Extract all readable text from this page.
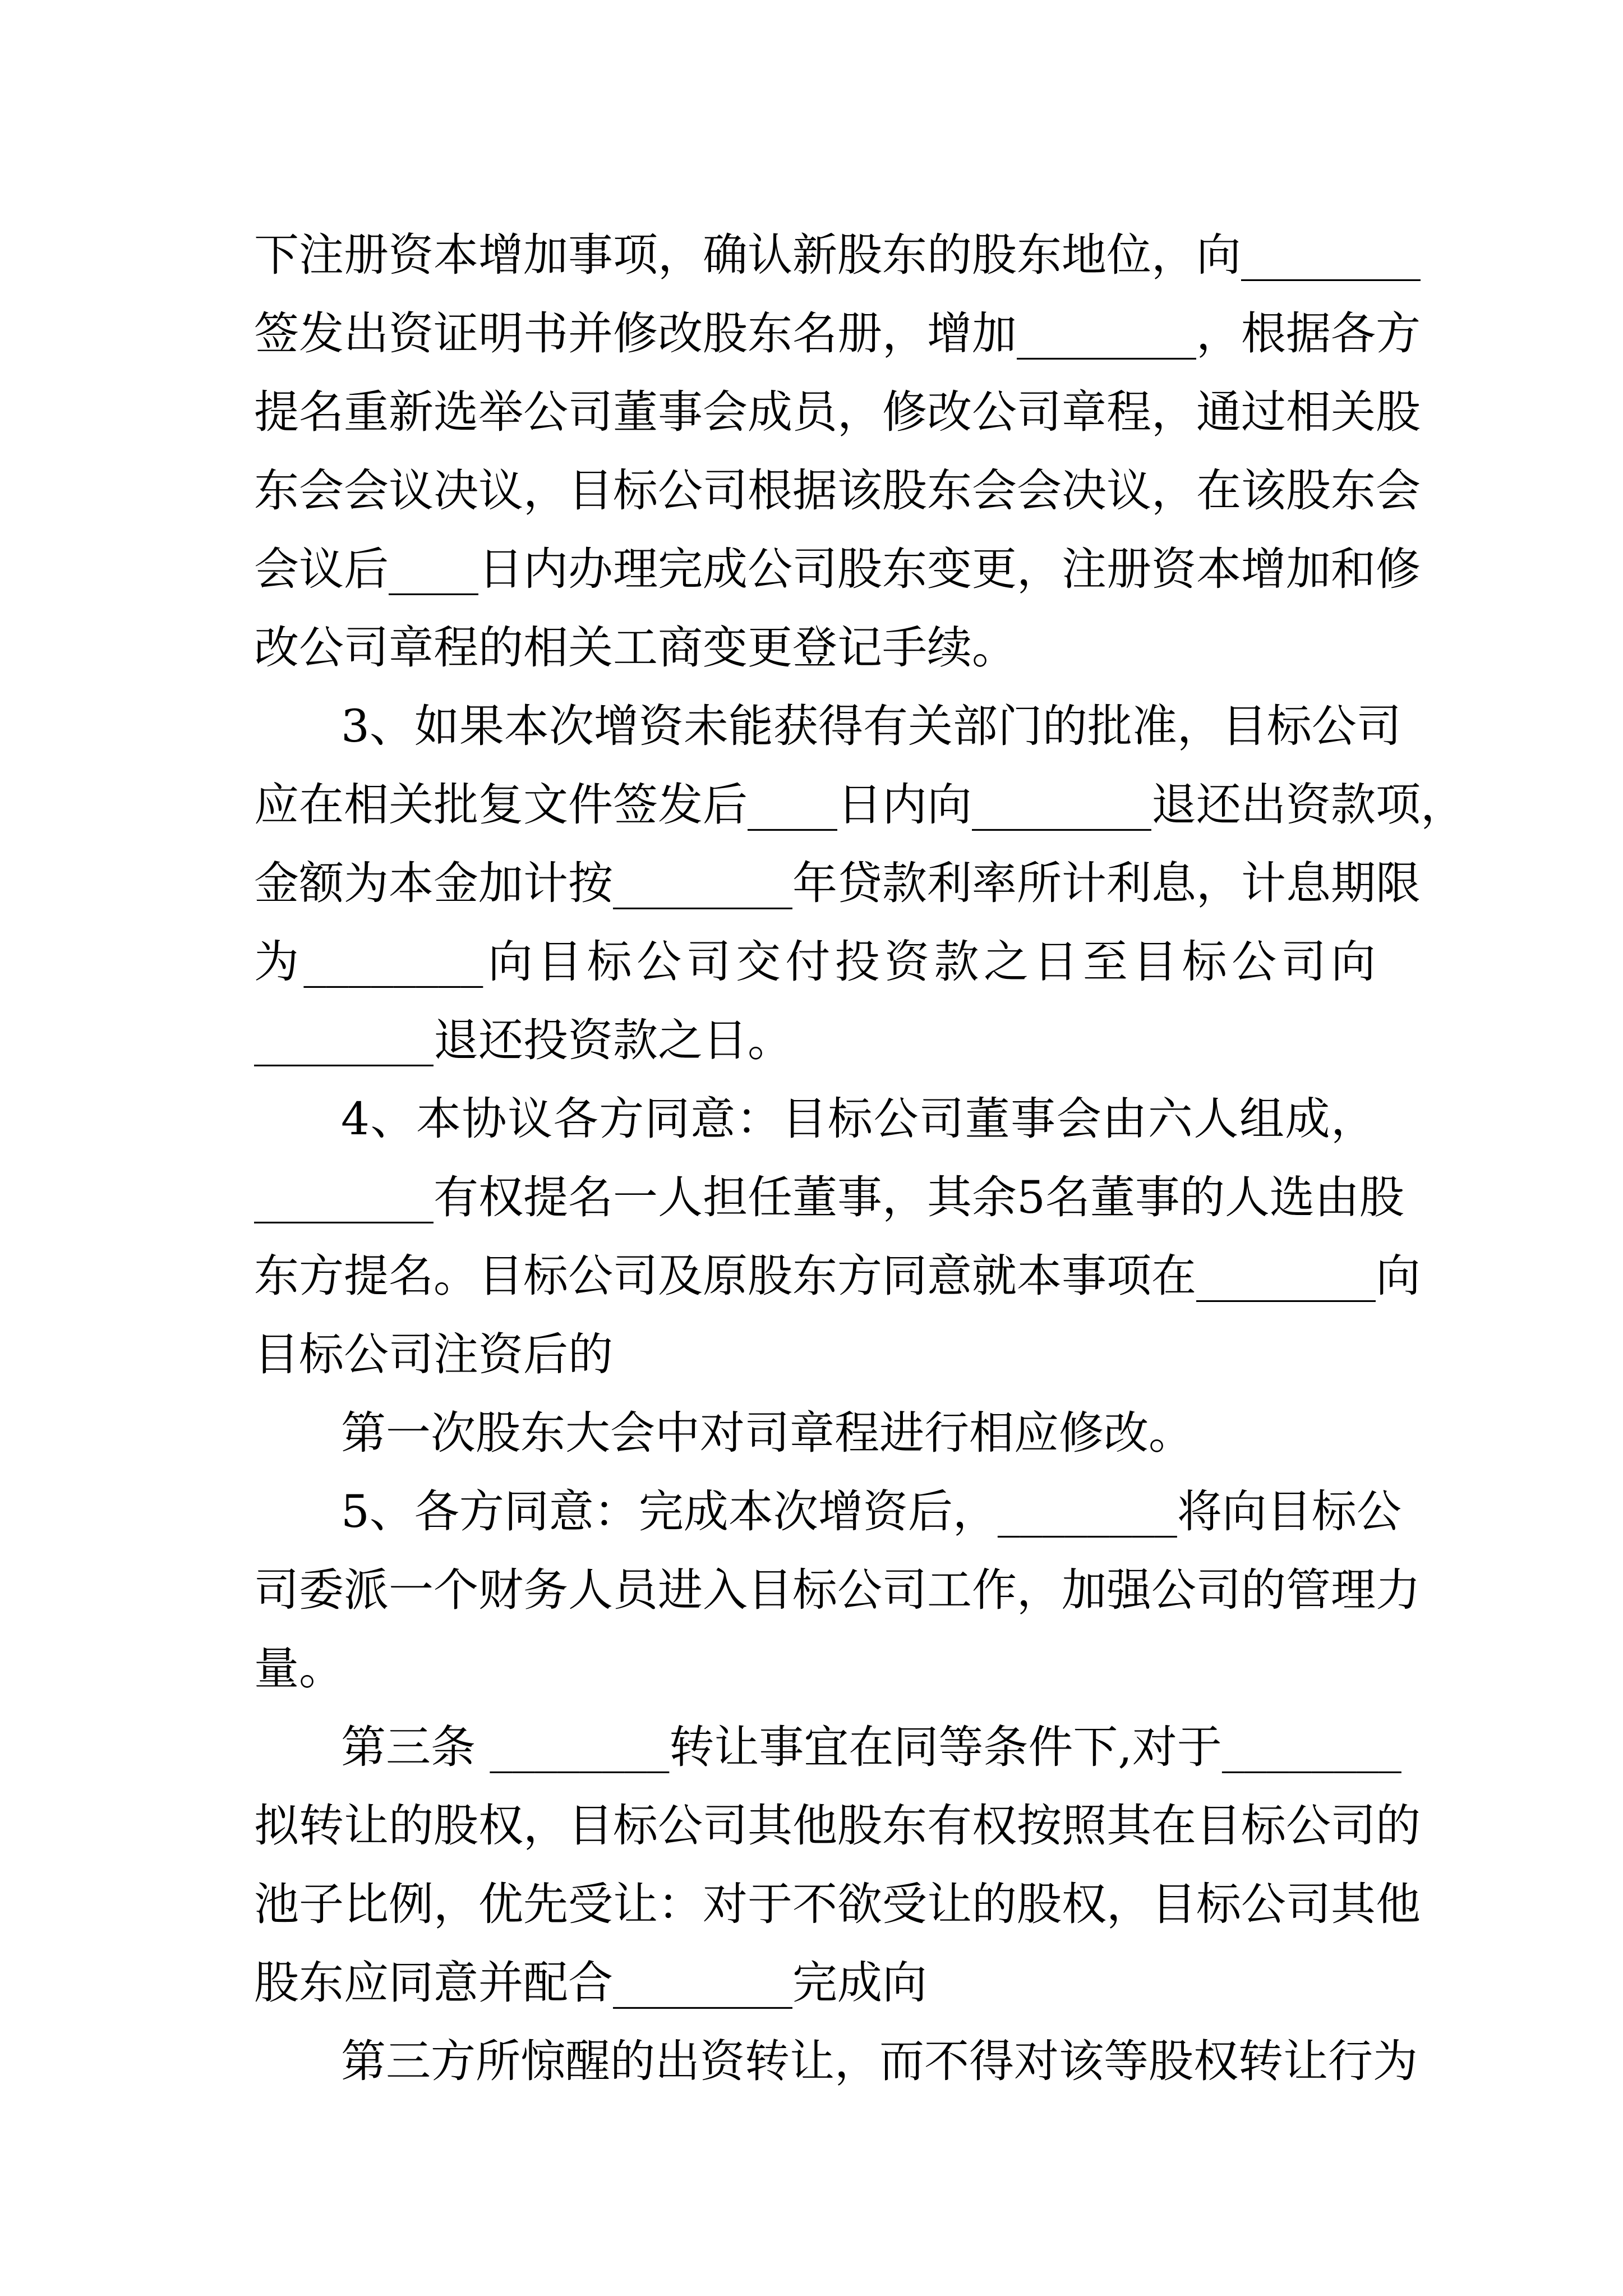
下注册资本增加事项，确认新股东的股东地位，向________
签发出资证明书并修改股东名册，增加________，根据各方
提名重新选举公司董事会成员，修改公司章程，通过相关股
东会会议决议，目标公司根据该股东会会决议，在该股东会
会议后____日内办理完成公司股东变更，注册资本增加和修
改公司章程的相关工商变更登记手续。
3、如果本次增资未能获得有关部门的批准，目标公司
应在相关批复文件签发后____日内向________退还出资款项，
金额为本金加计按________年贷款利率所计利息，计息期限
为________向目标公司交付投资款之日至目标公司向
________退还投资款之日。
4、本协议各方同意：目标公司董事会由六人组成，
________有权提名一人担任董事，其余5名董事的人选由股
东方提名。目标公司及原股东方同意就本事项在________向
目标公司注资后的
第一次股东大会中对司章程进行相应修改。
5、各方同意：完成本次增资后，________将向目标公
司委派一个财务人员进入目标公司工作，加强公司的管理力
量。
第三条 ________转让事宜在同等条件下,对于________
拟转让的股权，目标公司其他股东有权按照其在目标公司的
池子比例，优先受让：对于不欲受让的股权，目标公司其他
股东应同意并配合________完成向
第三方所惊醒的出资转让，而不得对该等股权转让行为
